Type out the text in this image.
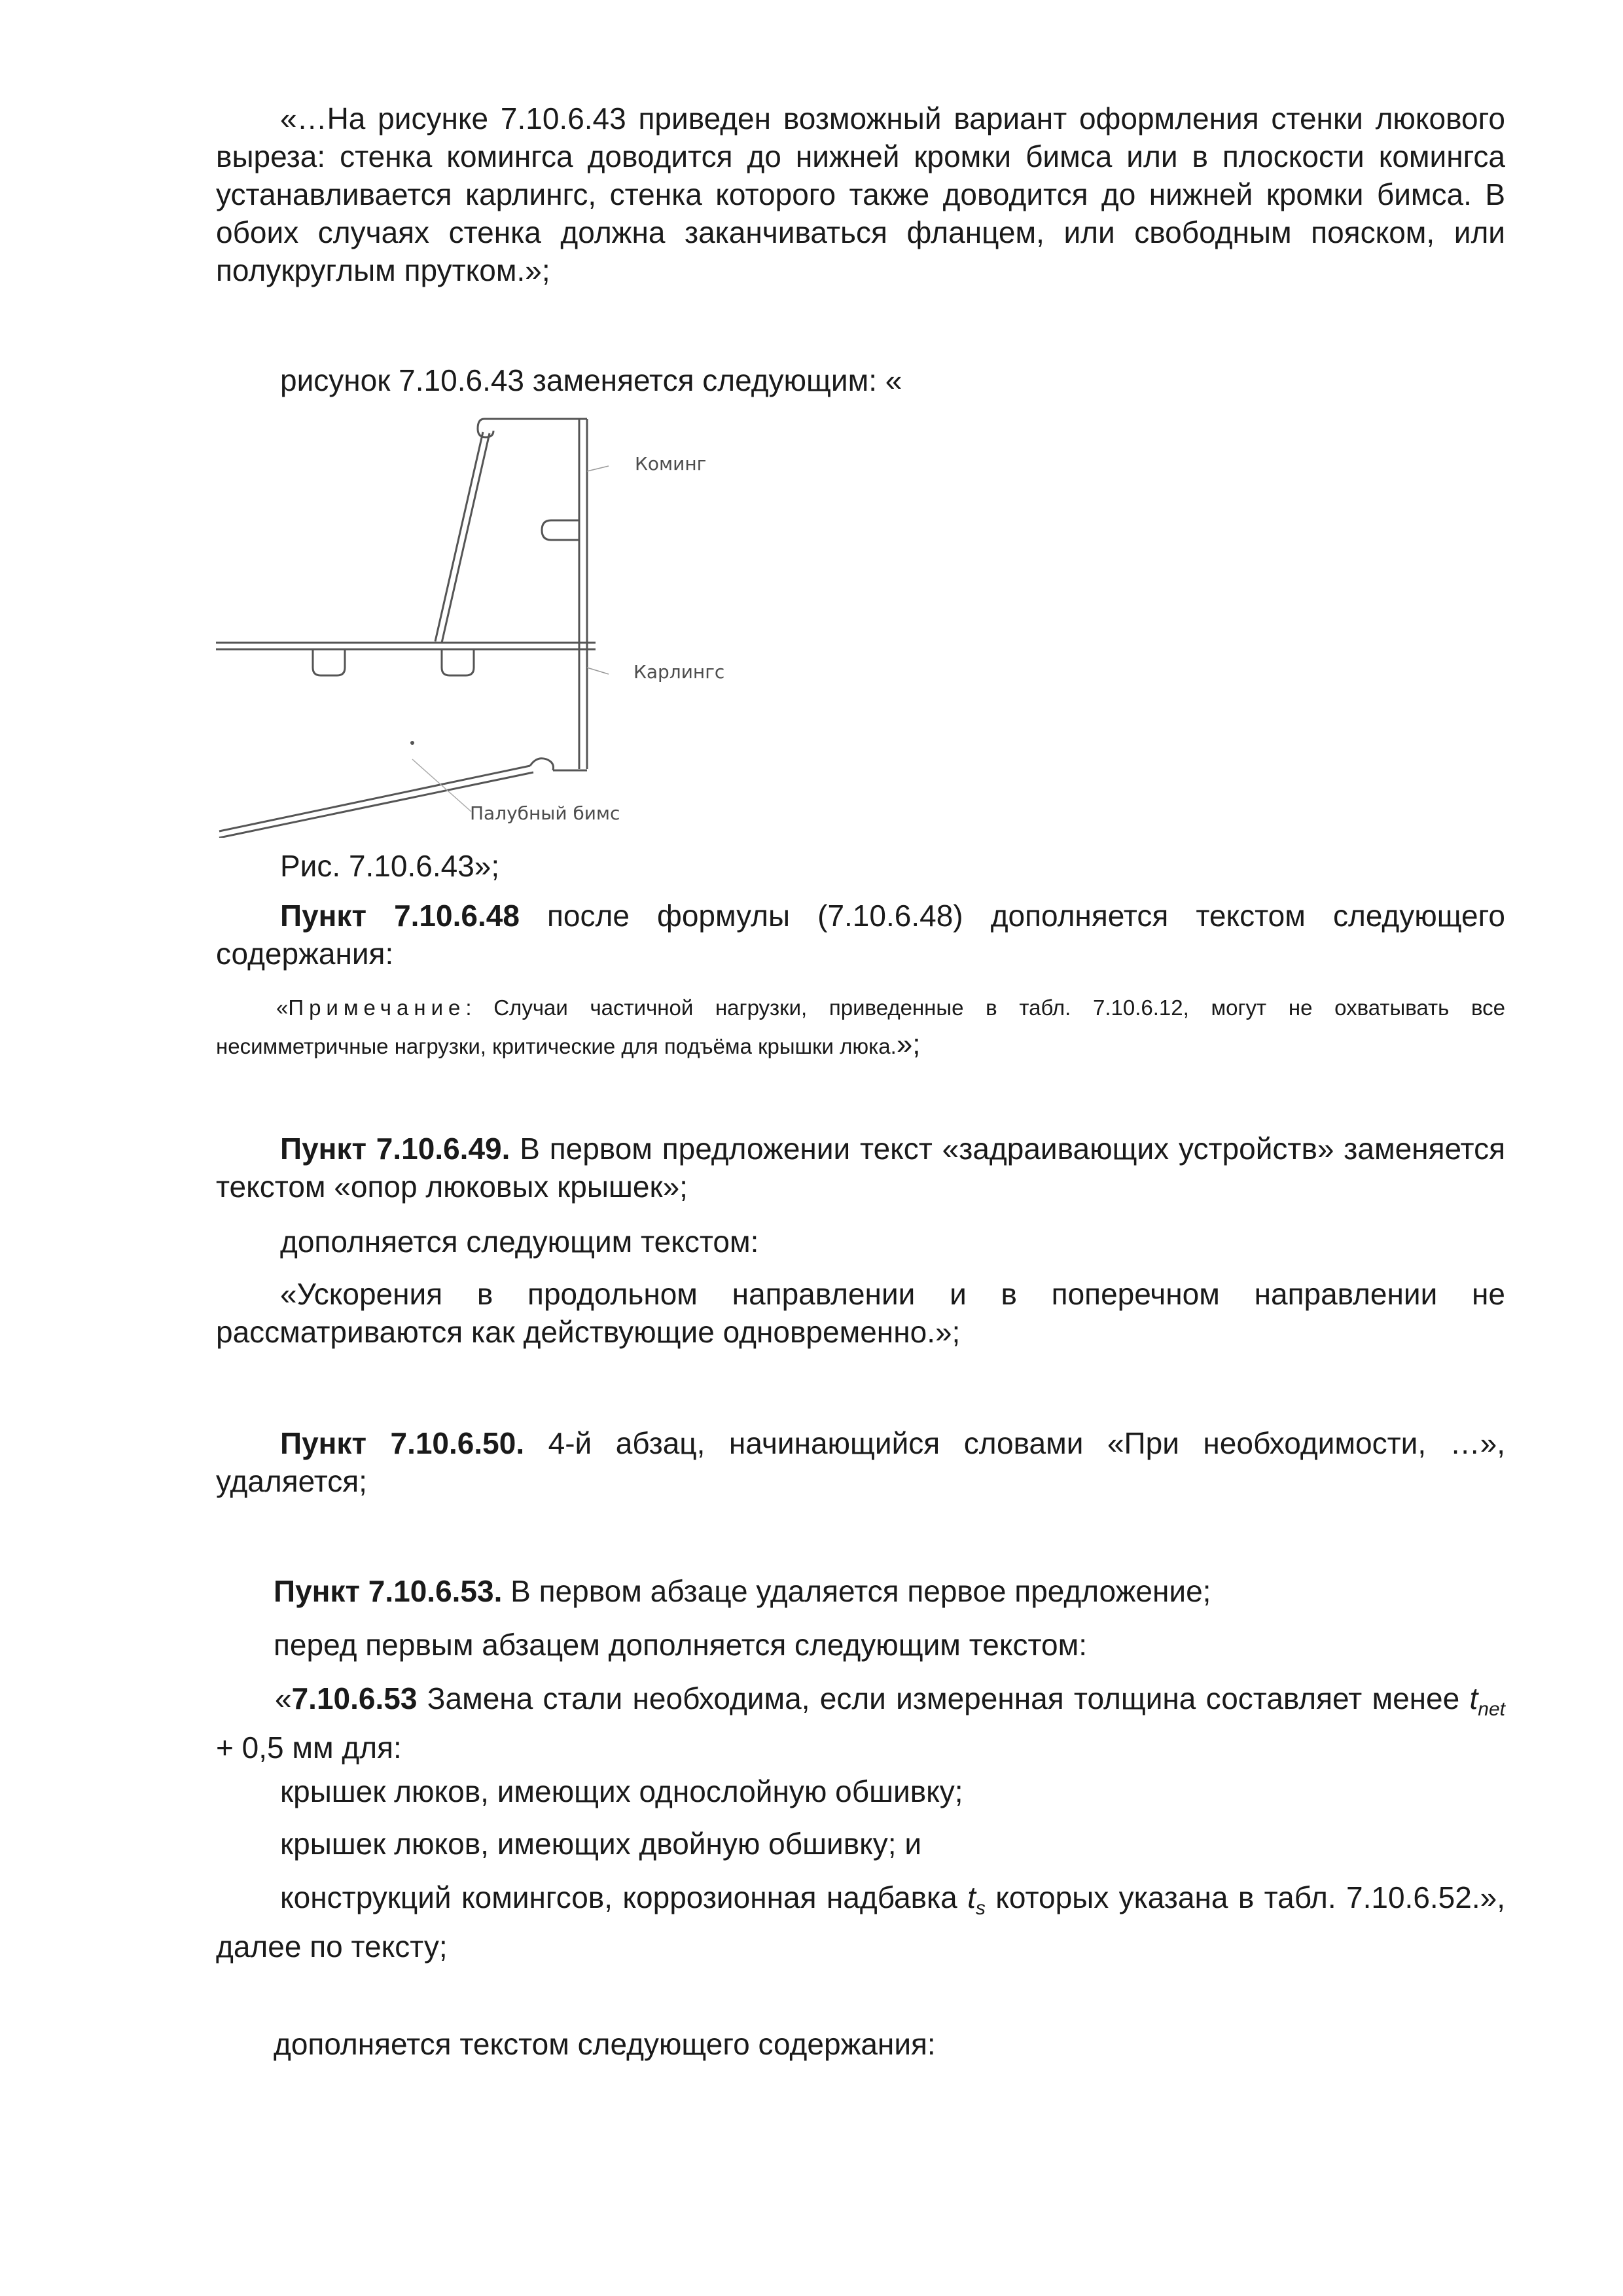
«…На рисунке 7.10.6.43 приведен возможный вариант оформления стенки люкового выреза: стенка комингса доводится до нижней кромки бимса или в плоскости комингса устанавливается карлингс, стенка которого также доводится до нижней кромки бимса. В обоих случаях стенка должна заканчиваться фланцем, или свободным пояском, или полукруглым прутком.»;

рисунок 7.10.6.43 заменяется следующим: «

Коминг
Карлингс
Палубный бимс

Рис. 7.10.6.43»;

Пункт 7.10.6.48 после формулы (7.10.6.48) дополняется текстом следующего содержания:

«Примечание: Случаи частичной нагрузки, приведенные в табл. 7.10.6.12, могут не охватывать все несимметричные нагрузки, критические для подъёма крышки люка.»;

Пункт 7.10.6.49. В первом предложении текст «задраивающих устройств» заменяется текстом «опор люковых крышек»;

дополняется следующим текстом:

«Ускорения в продольном направлении и в поперечном направлении не рассматриваются как действующие одновременно.»;

Пункт 7.10.6.50. 4-й абзац, начинающийся словами «При необходимости, …», удаляется;

Пункт 7.10.6.53. В первом абзаце удаляется первое предложение;

перед первым абзацем дополняется следующим текстом:

«7.10.6.53 Замена стали необходима, если измеренная толщина составляет менее $t_{net} + 0,5$ мм для:

крышек люков, имеющих однослойную обшивку;

крышек люков, имеющих двойную обшивку; и

конструкций комингсов, коррозионная надбавка $t_s$ которых указана в табл. 7.10.6.52.», далее по тексту;

дополняется текстом следующего содержания:
